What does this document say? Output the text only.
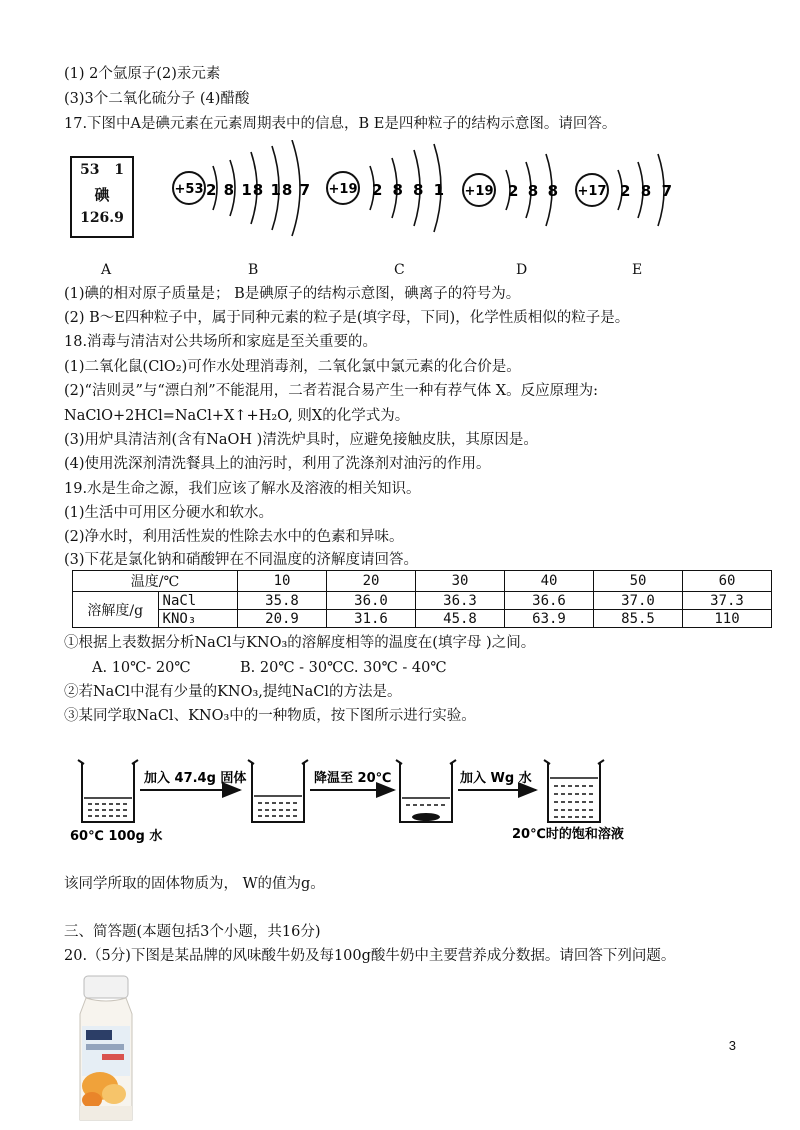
(1) 2个氩原子(2)汞元素
(3)3个二氧化硫分子 (4)醋酸
17.下图中A是碘元素在元素周期表中的信息，B E是四种粒子的结构示意图。请回答。
53 1
碘
126.9
+53 2 8 18 18 7 +19 2 8 8 1 +19 2 8 8 +17 2 8 7
A	B	C	D	E
(1)碘的相对原子质量是； B是碘原子的结构示意图，碘离子的符号为。
(2) B～E四种粒子中，属于同种元素的粒子是(填字母，下同)，化学性质相似的粒子是。
18.消毒与清洁对公共场所和家庭是至关重要的。
(1)二氧化鼠(ClO₂)可作水处理消毒剂，二氧化氯中氯元素的化合价是。
(2)“洁则灵”与“漂白剂”不能混用，二者若混合易产生一种有荐气体 X。反应原理为:
NaClO+2HCl=NaCl+X↑+H₂O, 则X的化学式为。
(3)用炉具清洁剂(含有NaOH )清洗炉具时，应避免接触皮肤，其原因是。
(4)使用洗深剂清洗餐具上的油污时，利用了洗涤剂对油污的作用。
19.水是生命之源，我们应该了解水及溶液的相关知识。
(1)生活中可用区分硬水和软水。
(2)净水时，利用活性炭的性除去水中的色素和异味。
(3)下花是氯化钠和硝酸钾在不同温度的济解度请回答。
温度/℃		10	20	30	40	50	60
溶解度/g	NaCl	35.8	36.0	36.3	36.6	37.0	37.3
	KNO₃	20.9	31.6	45.8	63.9	85.5	110
①根据上表数据分析NaCl与KNO₃的溶解度相等的温度在(填字母 )之间。
A. 10℃- 20℃	B. 20℃ - 30℃C. 30℃ - 40℃
②若NaCl中混有少量的KNO₃,提纯NaCl的方法是。
③某同学取NaCl、KNO₃中的一种物质，按下图所示进行实验。
加入 47.4g 固体	降温至 20℃	加入 Wg 水
60℃ 100g 水	20℃时的饱和溶液
该同学所取的固体物质为， W的值为g。
三、简答题(本题包括3个小题，共16分)
20.（5分)下图是某品牌的风味酸牛奶及每100g酸牛奶中主要营养成分数据。请回答下列问题。
3
